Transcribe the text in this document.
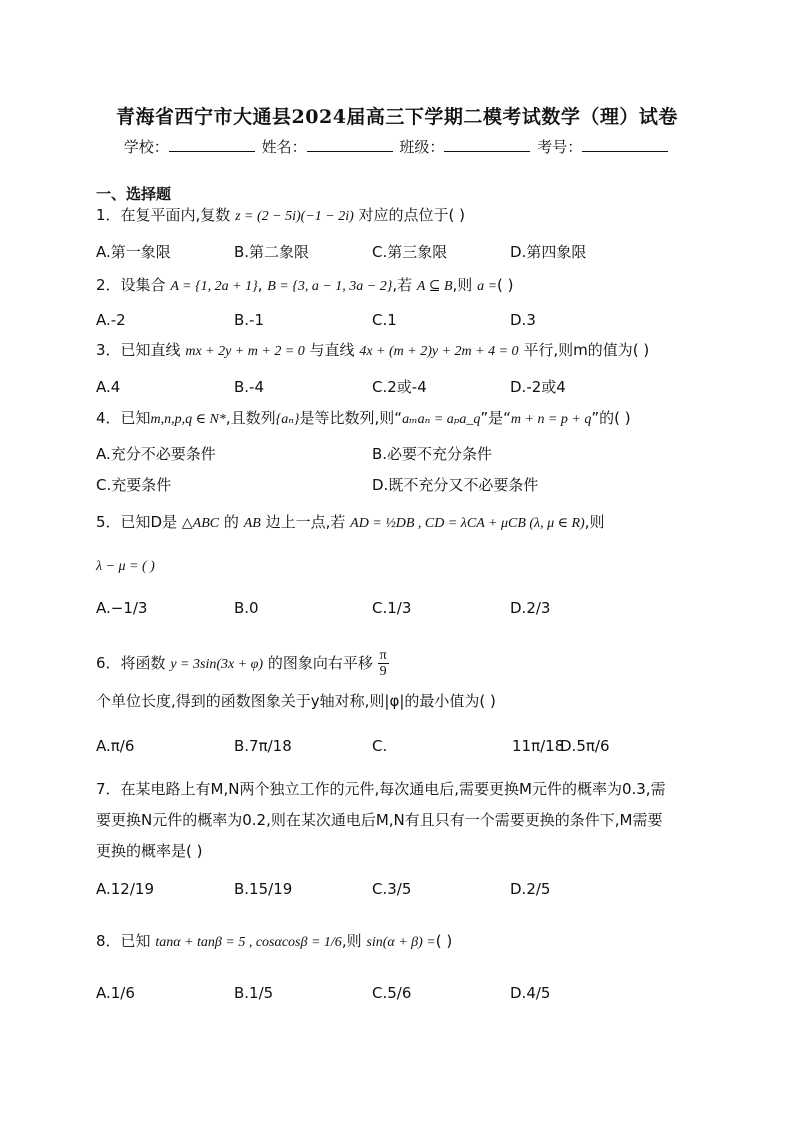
青海省西宁市大通县2024届高三下学期二模考试数学（理）试卷
学校：	姓名：	班级：	考号：
一、选择题
1．在复平面内,复数 z = (2 − 5i)(−1 − 2i) 对应的点位于( )
A.第一象限	B.第二象限	C.第三象限	D.第四象限
2．设集合 A = {1, 2a + 1}, B = {3, a − 1, 3a − 2},若 A ⊆ B,则 a =( )
A.-2	B.-1	C.1	D.3
3．已知直线 mx + 2y + m + 2 = 0 与直线 4x + (m + 2)y + 2m + 4 = 0 平行,则m的值为( )
A.4	B.-4	C.2或-4	D.-2或4
4．已知m,n,p,q ∈ N*,且数列{aₙ}是等比数列,则“aₘaₙ = aₚa_q”是“m + n = p + q”的( )
A.充分不必要条件	B.必要不充分条件
C.充要条件	D.既不充分又不必要条件
5．已知D是 △ABC 的 AB 边上一点,若 AD = ½DB , CD = λCA + μCB (λ, μ ∈ R),则
λ − μ = ( )
A.−1/3	B.0	C.1/3	D.2/3
6．将函数 y = 3sin(3x + φ) 的图象向右平移 $\frac{\pi}{9}$
个单位长度,得到的函数图象关于y轴对称,则|φ|的最小值为( )
A.π/6	B.7π/18	C.	11π/18
D.5π/6
7．在某电路上有M,N两个独立工作的元件,每次通电后,需要更换M元件的概率为0.3,需
要更换N元件的概率为0.2,则在某次通电后M,N有且只有一个需要更换的条件下,M需要
更换的概率是( )
A.12/19	B.15/19	C.3/5	D.2/5
8．已知 tanα + tanβ = 5 , cosαcosβ = 1/6,则 sin(α + β) =( )
A.1/6	B.1/5	C.5/6	D.4/5
